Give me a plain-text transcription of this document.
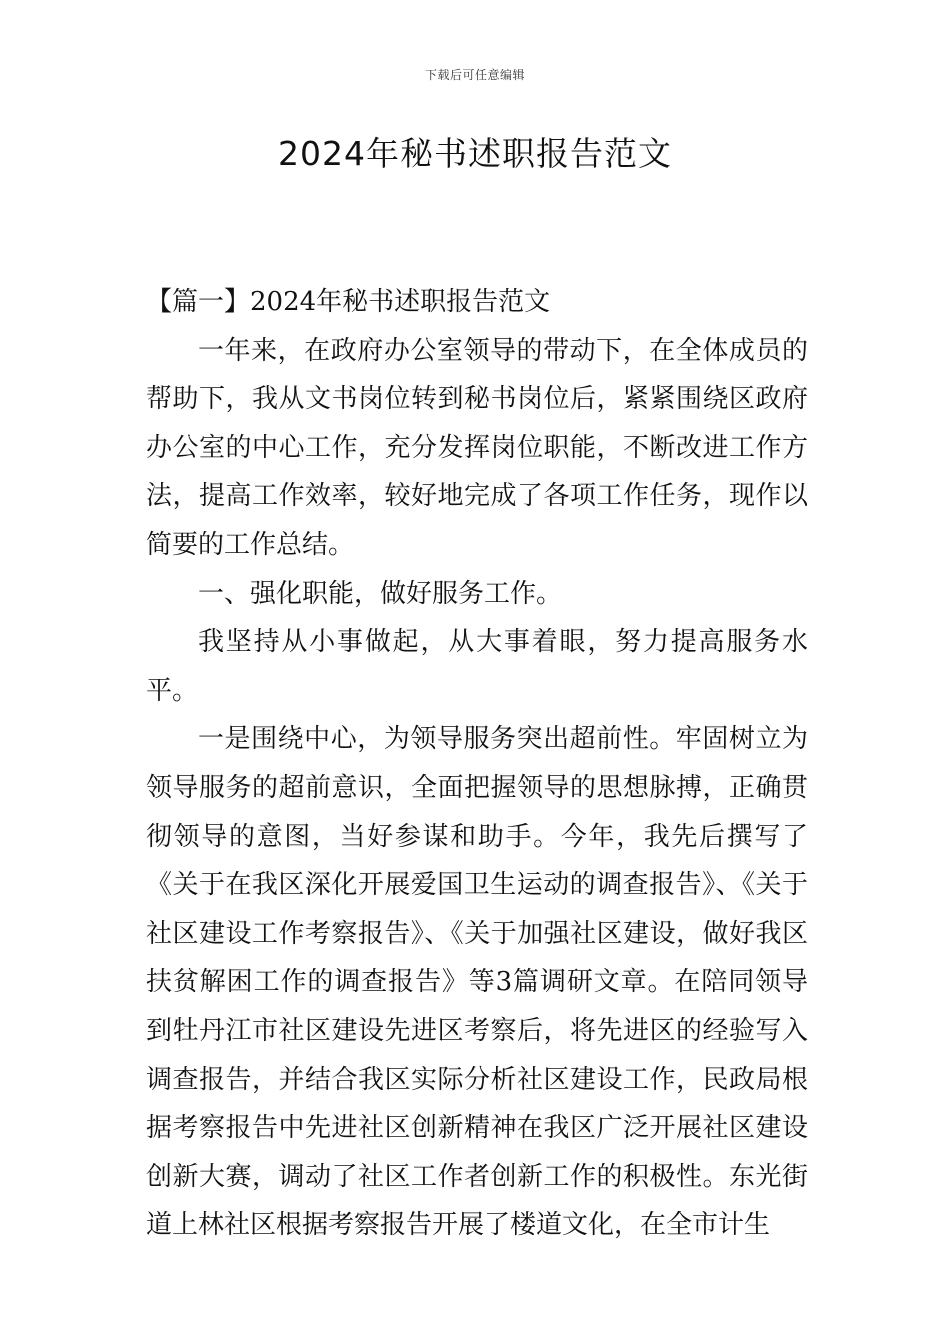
下载后可任意编辑
2024年秘书述职报告范文

【篇一】2024年秘书述职报告范文

一年来，在政府办公室领导的带动下，在全体成员的帮助下，我从文书岗位转到秘书岗位后，紧紧围绕区政府办公室的中心工作，充分发挥岗位职能，不断改进工作方法，提高工作效率，较好地完成了各项工作任务，现作以简要的工作总结。

一、强化职能，做好服务工作。

我坚持从小事做起，从大事着眼，努力提高服务水平。

一是围绕中心，为领导服务突出超前性。牢固树立为领导服务的超前意识，全面把握领导的思想脉搏，正确贯彻领导的意图，当好参谋和助手。今年，我先后撰写了《关于在我区深化开展爱国卫生运动的调查报告》、《关于社区建设工作考察报告》、《关于加强社区建设，做好我区扶贫解困工作的调查报告》等3篇调研文章。在陪同领导到牡丹江市社区建设先进区考察后，将先进区的经验写入调查报告，并结合我区实际分析社区建设工作，民政局根据考察报告中先进社区创新精神在我区广泛开展社区建设创新大赛，调动了社区工作者创新工作的积极性。东光街道上林社区根据考察报告开展了楼道文化，在全市计生
